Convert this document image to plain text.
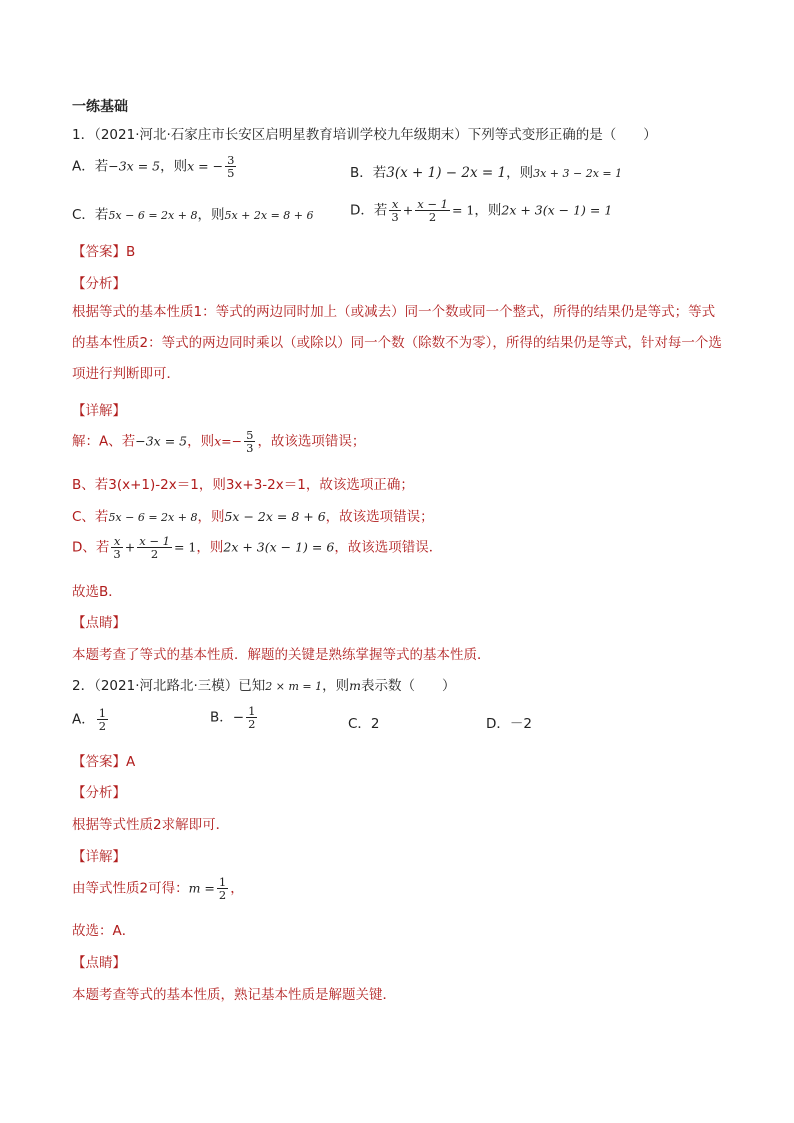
一练基础
1．（2021·河北·石家庄市长安区启明星教育培训学校九年级期末）下列等式变形正确的是（　　）
A．若−3x = 5，则x = − $\frac{3}{5}$	B．若3(x + 1) − 2x = 1，则3x + 3 − 2x = 1
C．若5x − 6 = 2x + 8，则5x + 2x = 8 + 6	D．若 $\frac{x}{3} + \frac{x - 1}{2} = 1$，则2x + 3(x − 1) = 1
【答案】B
【分析】
根据等式的基本性质1：等式的两边同时加上（或减去）同一个数或同一个整式，所得的结果仍是等式；等式的基本性质2：等式的两边同时乘以（或除以）同一个数（除数不为零），所得的结果仍是等式，针对每一个选项进行判断即可．
【详解】
解：A、若−3x = 5，则$x=- \frac{5}{3}$ ，故该选项错误；
B、若3(x+1)-2x＝1，则3x+3-2x＝1，故该选项正确；
C、若5x − 6 = 2x + 8，则5x − 2x = 8 + 6，故该选项错误；
D、若 $\frac{x}{3} + \frac{x - 1}{2} = 1$，则2x + 3(x − 1) = 6，故该选项错误．
故选B．
【点睛】
本题考查了等式的基本性质．解题的关键是熟练掌握等式的基本性质．
2．（2021·河北路北·三模）已知2 × m = 1，则m表示数（　　）
A． $\frac{1}{2}$	B．− $\frac{1}{2}$	C．2	D．－2
【答案】A
【分析】
根据等式性质2求解即可．
【详解】
由等式性质2可得：$m = \frac{1}{2}$ ，
故选：A．
【点睛】
本题考查等式的基本性质，熟记基本性质是解题关键．
